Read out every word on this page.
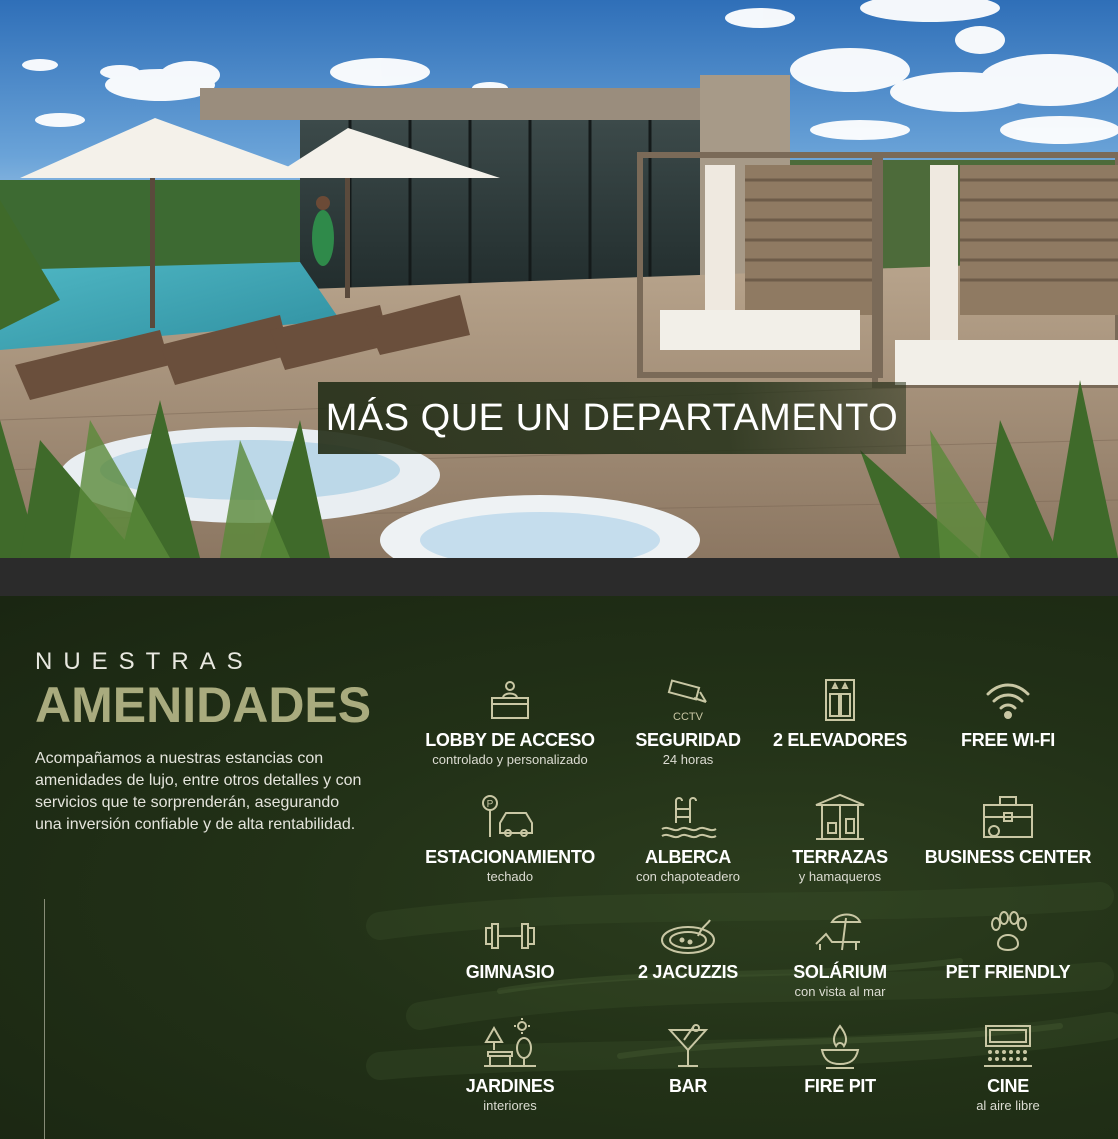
MÁS QUE UN DEPARTAMENTO
NUESTRAS
AMENIDADES

Acompañamos a nuestras estancias con amenidades de lujo, entre otros detalles y con servicios que te sorprenderán, asegurando una inversión confiable y de alta rentabilidad.

LOBBY DE ACCESO
controlado y personalizado
CCTV
SEGURIDAD
24 horas
2 ELEVADORES	FREE WI-FI
P
ESTACIONAMIENTO
techado
ALBERCA
con chapoteadero
TERRAZAS
y hamaqueros
BUSINESS CENTER
GIMNASIO	2 JACUZZIS	SOLÁRIUM
con vista al mar
PET FRIENDLY
JARDINES
interiores
BAR	FIRE PIT	CINE
al aire libre
